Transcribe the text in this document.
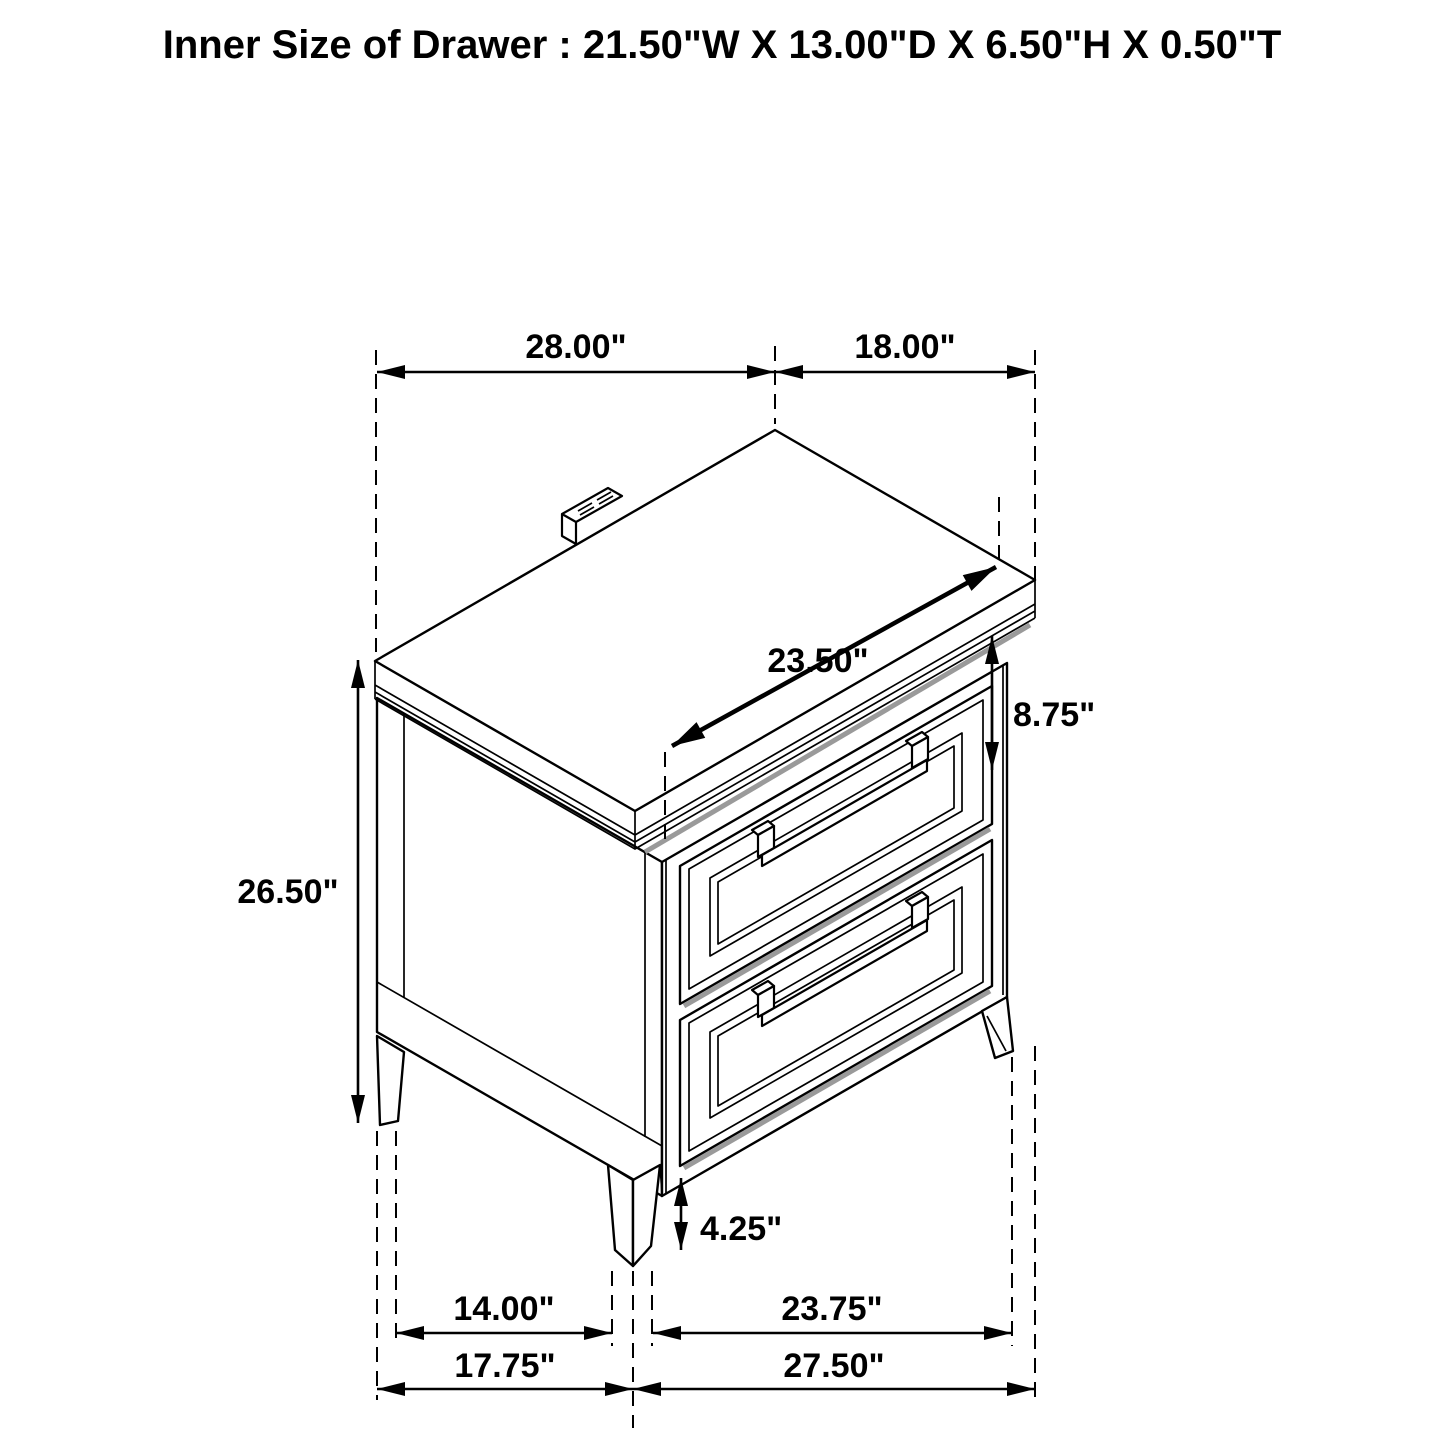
Inner Size of Drawer : 21.50"W X 13.00"D X 6.50"H X 0.50"T
28.00"	18.00"
23.50"
8.75"
26.50"
4.25"
14.00"	23.75"
17.75"	27.50"
